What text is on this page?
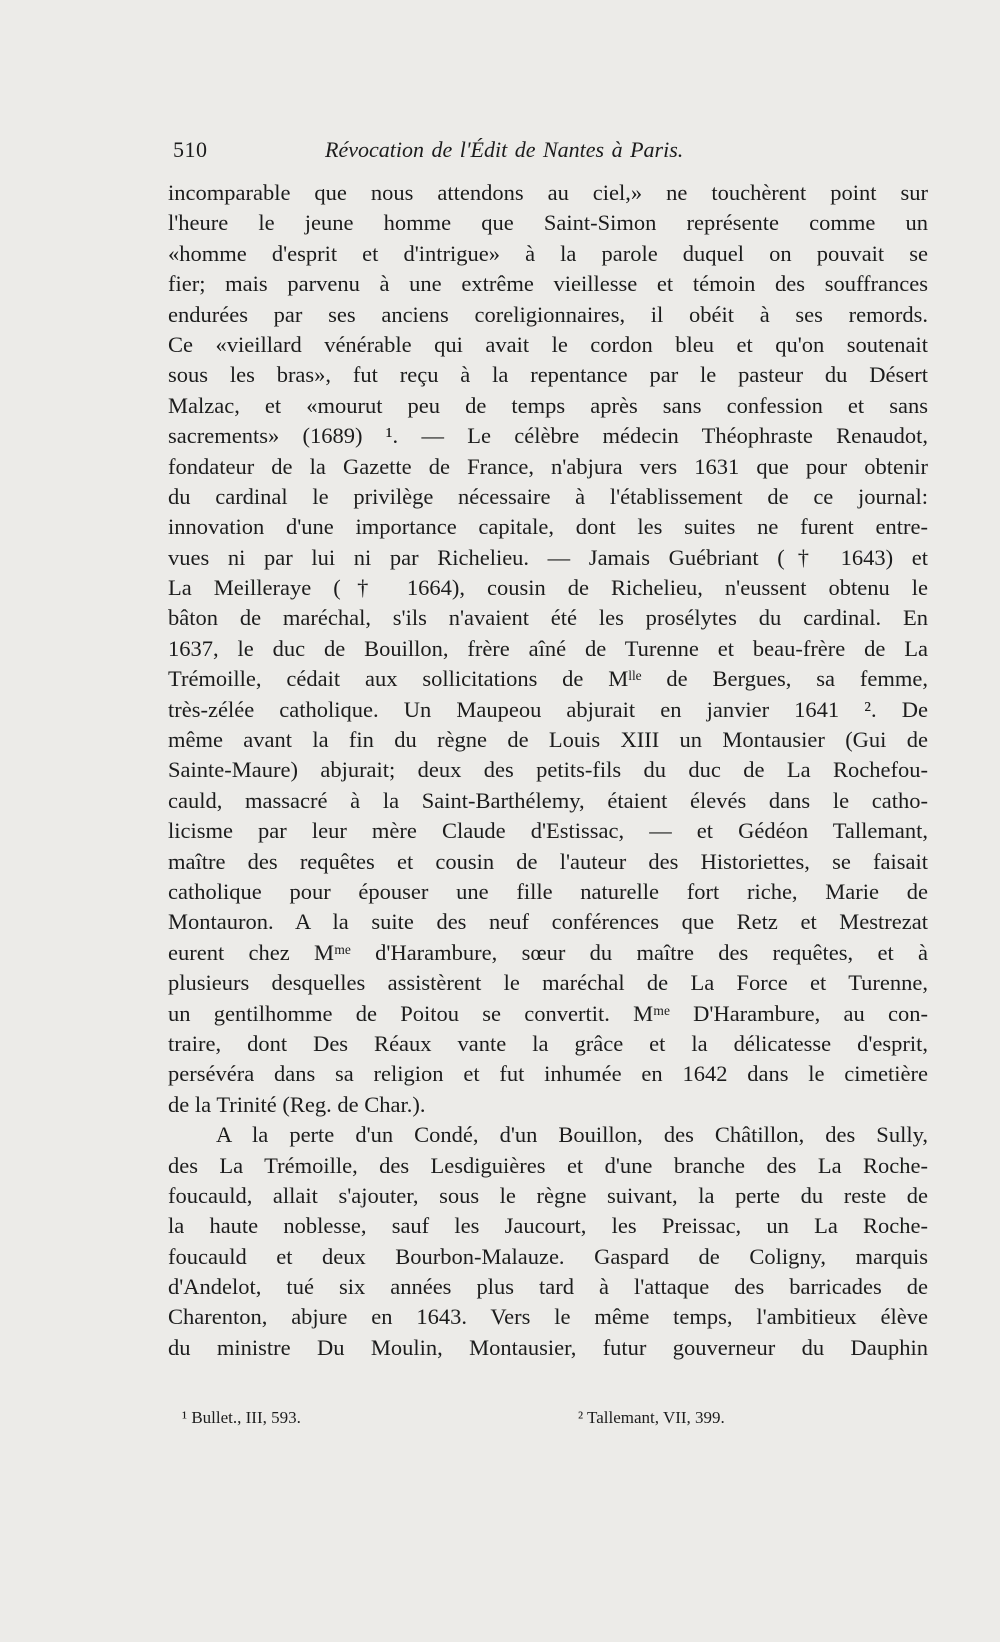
510	Révocation de l'Édit de Nantes à Paris.
incomparable que nous attendons au ciel,» ne touchèrent point sur
l'heure le jeune homme que Saint-Simon représente comme un
«homme d'esprit et d'intrigue» à la parole duquel on pouvait se
fier; mais parvenu à une extrême vieillesse et témoin des souffrances
endurées par ses anciens coreligionnaires, il obéit à ses remords.
Ce «vieillard vénérable qui avait le cordon bleu et qu'on soutenait
sous les bras», fut reçu à la repentance par le pasteur du Désert
Malzac, et «mourut peu de temps après sans confession et sans
sacrements» (1689) ¹. — Le célèbre médecin Théophraste Renaudot,
fondateur de la Gazette de France, n'abjura vers 1631 que pour obtenir
du cardinal le privilège nécessaire à l'établissement de ce journal:
innovation d'une importance capitale, dont les suites ne furent entre-
vues ni par lui ni par Richelieu. — Jamais Guébriant († 1643) et
La Meilleraye († 1664), cousin de Richelieu, n'eussent obtenu le
bâton de maréchal, s'ils n'avaient été les prosélytes du cardinal. En
1637, le duc de Bouillon, frère aîné de Turenne et beau-frère de La
Trémoille, cédait aux sollicitations de Mˡˡᵉ de Bergues, sa femme,
très-zélée catholique. Un Maupeou abjurait en janvier 1641 ². De
même avant la fin du règne de Louis XIII un Montausier (Gui de
Sainte-Maure) abjurait; deux des petits-fils du duc de La Rochefou-
cauld, massacré à la Saint-Barthélemy, étaient élevés dans le catho-
licisme par leur mère Claude d'Estissac, — et Gédéon Tallemant,
maître des requêtes et cousin de l'auteur des Historiettes, se faisait
catholique pour épouser une fille naturelle fort riche, Marie de
Montauron. A la suite des neuf conférences que Retz et Mestrezat
eurent chez Mᵐᵉ d'Harambure, sœur du maître des requêtes, et à
plusieurs desquelles assistèrent le maréchal de La Force et Turenne,
un gentilhomme de Poitou se convertit. Mᵐᵉ D'Harambure, au con-
traire, dont Des Réaux vante la grâce et la délicatesse d'esprit,
persévéra dans sa religion et fut inhumée en 1642 dans le cimetière
de la Trinité (Reg. de Char.).
A la perte d'un Condé, d'un Bouillon, des Châtillon, des Sully,
des La Trémoille, des Lesdiguières et d'une branche des La Roche-
foucauld, allait s'ajouter, sous le règne suivant, la perte du reste de
la haute noblesse, sauf les Jaucourt, les Preissac, un La Roche-
foucauld et deux Bourbon-Malauze. Gaspard de Coligny, marquis
d'Andelot, tué six années plus tard à l'attaque des barricades de
Charenton, abjure en 1643. Vers le même temps, l'ambitieux élève
du ministre Du Moulin, Montausier, futur gouverneur du Dauphin
¹ Bullet., III, 593.	² Tallemant, VII, 399.
